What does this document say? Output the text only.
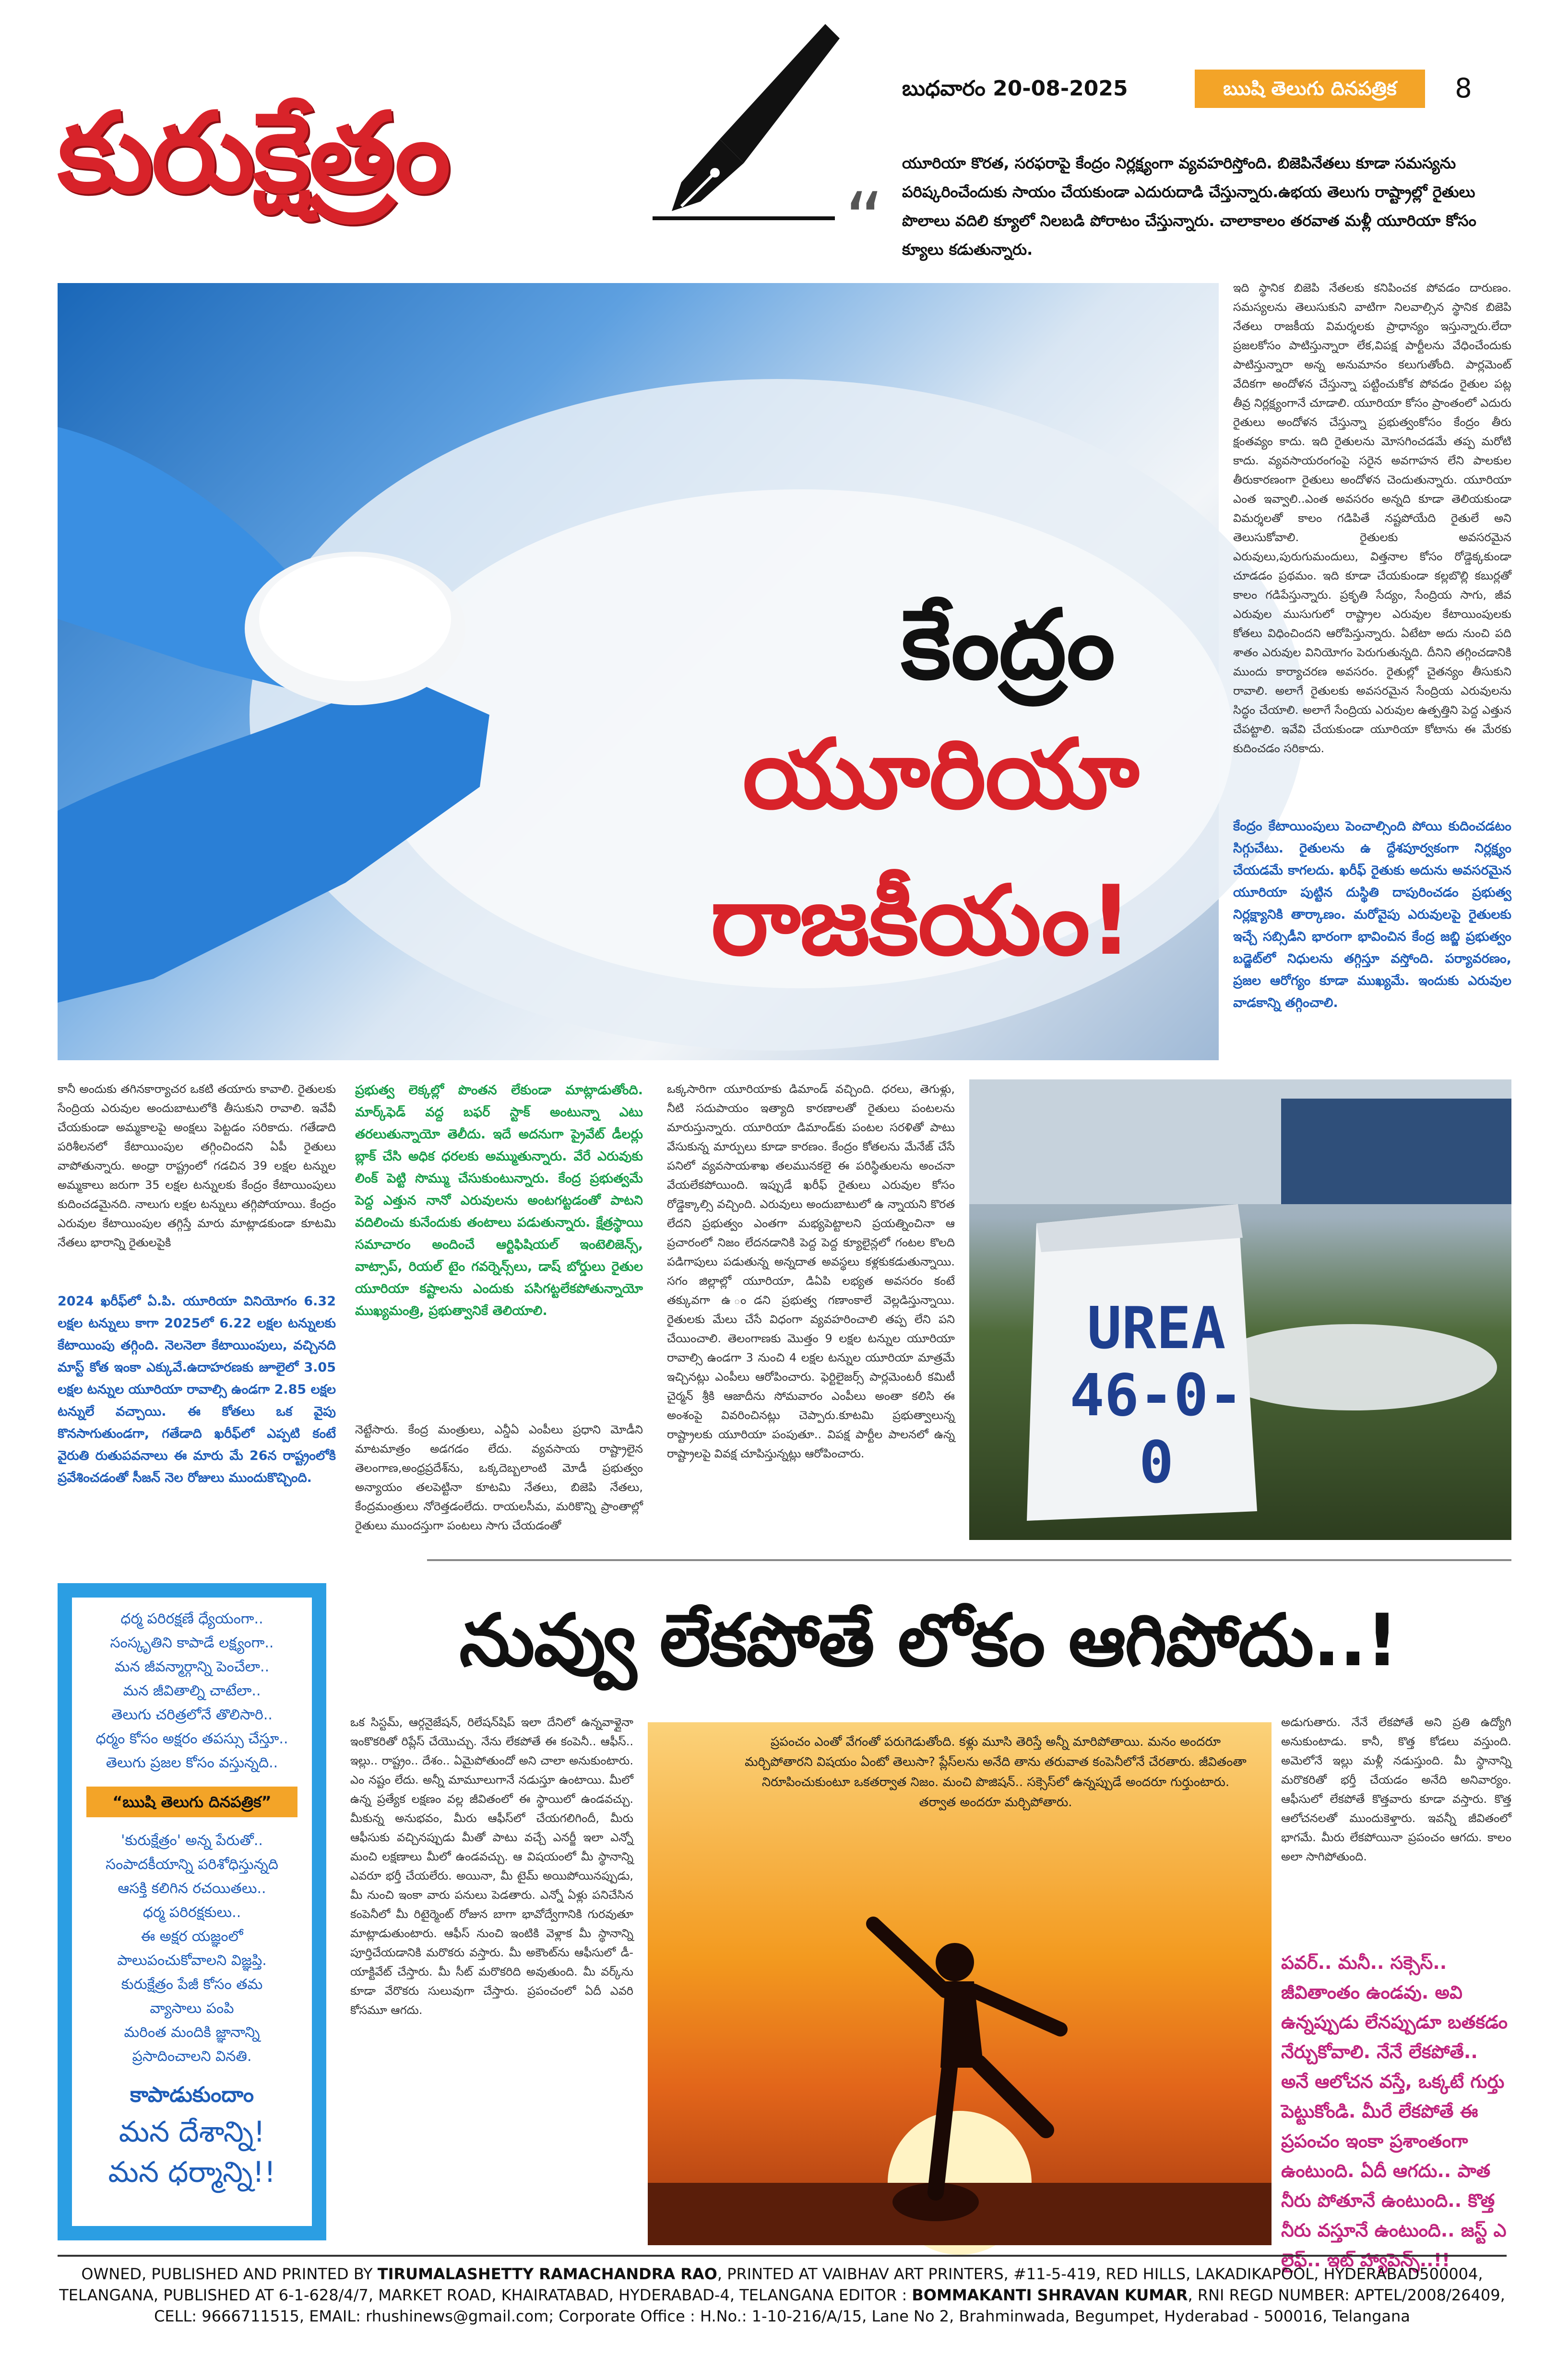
కురుక్షేత్రం
బుధవారం 20-08-2025	ఋషి తెలుగు దినపత్రిక	8
“
యూరియా కొరత, సరఫరాపై కేంద్రం నిర్లక్ష్యంగా వ్యవహరిస్తోంది. బిజెపినేతలు కూడా సమస్యను పరిష్కరించేందుకు సాయం చేయకుండా ఎదురుదాడి చేస్తున్నారు.ఉభయ తెలుగు రాష్ట్రాల్లో రైతులు పొలాలు వదిలి క్యూలో నిలబడి పోరాటం చేస్తున్నారు. చాలాకాలం తరవాత మళ్లీ యూరియా కోసం క్యూలు కడుతున్నారు.
కేంద్రం
యూరియా
రాజకీయం!
ఇది స్థానిక బిజెపి నేతలకు కనిపించక పోవడం దారుణం. సమస్యలను తెలుసుకుని వాటిగా నిలవాల్సిన స్థానిక బిజెపి నేతలు రాజకీయ విమర్శలకు ప్రాధాన్యం ఇస్తున్నారు.లేదా ప్రజలకోసం పాటిస్తున్నారా లేక,విపక్ష పార్టీలను వేధించేందుకు పాటిస్తున్నారా అన్న అనుమానం కలుగుతోంది. పార్లమెంట్ వేదికగా అందోళన చేస్తున్నా పట్టించుకోక పోవడం రైతుల పట్ల తీవ్ర నిర్లక్ష్యంగానే చూడాలి. యూరియా కోసం ప్రాంతంలో ఎదురు రైతులు అందోళన చేస్తున్నా ప్రభుత్వంకోసం కేంద్రం తీరు క్షంతవ్యం కాదు. ఇది రైతులను మోసగించడమే తప్ప మరోటి కాదు. వ్యవసాయరంగంపై సరైన అవగాహన లేని పాలకుల తీరుకారణంగా రైతులు అందోళన చెందుతున్నారు. యూరియా ఎంత ఇవ్వాలి..ఎంత అవసరం అన్నది కూడా తెలియకుండా విమర్శలతో కాలం గడిపితే నష్టపోయేది రైతులే అని తెలుసుకోవాలి. రైతులకు అవసరమైన ఎరువులు,పురుగుమందులు, విత్తనాల కోసం రోడ్డెక్కకుండా చూడడం ప్రథమం. ఇది కూడా చేయకుండా కల్లబొల్లి కబుర్లతో కాలం గడిపేస్తున్నారు. ప్రకృతి సేద్యం, సేంద్రియ సాగు, జీవ ఎరువుల ముసుగులో రాష్ట్రాల ఎరువుల కేటాయింపులకు కోతలు విధించిందని ఆరోపిస్తున్నారు. ఏటేటా అదు నుంచి పది శాతం ఎరువుల వినియోగం పెరుగుతున్నది. దీనిని తగ్గించడానికి ముందు కార్యాచరణ అవసరం. రైతుల్లో చైతన్యం తీసుకుని రావాలి. అలాగే రైతులకు అవసరమైన సేంద్రియ ఎరువులను సిద్ధం చేయాలి. అలాగే సేంద్రియ ఎరువుల ఉత్పత్తిని పెద్ద ఎత్తున చేపట్టాలి. ఇవేవి చేయకుండా యూరియా కోటాను ఈ మేరకు కుదించడం సరికాదు.
కేంద్రం కేటాయింపులు పెంచాల్సింది పోయి కుదించడటం సిగ్గుచేటు. రైతులను ఉ ద్దేశపూర్వకంగా నిర్లక్ష్యం చేయడమే కాగలదు. ఖరీఫ్ రైతుకు అదును అవసరమైన యూరియా పుట్టిన దుస్థితి దాపురించడం ప్రభుత్వ నిర్లక్ష్యానికి తార్కాణం. మరోవైపు ఎరువులపై రైతులకు ఇచ్చే సబ్సిడీని భారంగా భావించిన కేంద్ర జబ్జి ప్రభుత్వం బడ్జెట్‌లో నిధులను తగ్గిస్తూ వస్తోంది. పర్యావరణం, ప్రజల ఆరోగ్యం కూడా ముఖ్యమే. ఇందుకు ఎరువుల వాడకాన్ని తగ్గించాలి.
కానీ అందుకు తగినకార్యాచర ఒకటి తయారు కావాలి. రైతులకు సేంద్రియ ఎరువుల అందుబాటులోకి తీసుకుని రావాలి. ఇవేవీ చేయకుండా అమ్మకాలపై అంక్షలు పెట్టడం సరికాదు. గతేడాది పరిశీలనలో కేటాయింపుల తగ్గించిందని ఏపీ రైతులు వాపోతున్నారు. అంధ్రా రాష్ట్రంలో గడచిన 39 లక్షల టన్నుల అమ్మకాలు జరుగా 35 లక్షల టన్నులకు కేంద్రం కేటాయింపులు కుదించడమైనది. నాలుగు లక్షల టన్నులు తగ్గిపోయాయి. కేంద్రం ఎరువుల కేటాయింపుల తగ్గిస్తే మారు మాట్లాడకుండా కూటమి నేతలు భారాన్ని రైతులపైకి
2024 ఖరీఫ్‌లో ఏ.పి. యూరియా వినియోగం 6.32 లక్షల టన్నులు కాగా 2025లో 6.22 లక్షల టన్నులకు కేటాయింపు తగ్గింది. నెలనెలా కేటాయింపులు, వచ్చినది మాస్ట్ కోత ఇంకా ఎక్కువే.ఉదాహరణకు జూలైలో 3.05 లక్షల టన్నుల యూరియా రావాల్సి ఉండగా 2.85 లక్షల టన్నులే వచ్చాయి. ఈ కోతలు ఒక వైపు కొనసాగుతుండగా, గతేడాది ఖరీఫ్‌లో ఎప్పటి కంటే వైరుతి రుతుపవనాలు ఈ మారు మే 26న రాష్ట్రంలోకి ప్రవేశించడంతో సీజన్ నెల రోజులు ముందుకొచ్చింది.
ప్రభుత్వ లెక్కల్లో పొంతన లేకుండా మాట్లాడుతోంది. మార్క్‌ఫెడ్ వద్ద బఫర్ స్టాక్ అంటున్నా ఎటు తరలుతున్నాయో తెలీదు. ఇదే అదనుగా ప్రైవేట్ డీలర్లు బ్లాక్ చేసి అధిక ధరలకు అమ్ముతున్నారు. వేరే ఎరువుకు లింక్ పెట్టి సొమ్ము చేసుకుంటున్నారు. కేంద్ర ప్రభుత్వమే పెద్ద ఎత్తున నానో ఎరువులను అంటగట్టడంతో పాటని వదిలించు కునేందుకు తంటాలు పడుతున్నారు. క్షేత్రస్థాయి సమాచారం అందించే ఆర్టిఫిషియల్ ఇంటెలిజెన్స్, వాట్సాప్, రియల్ టైం గవర్నెన్స్‌లు, డాష్ బోర్డులు రైతుల యూరియా కష్టాలను ఎందుకు పసిగట్టలేకపోతున్నాయో ముఖ్యమంత్రి, ప్రభుత్వానికే తెలియాలి.
నెట్టేసారు. కేంద్ర మంత్రులు, ఎన్డీఏ ఎంపీలు ప్రధాని మోడీని మాటమాత్రం అడగడం లేదు. వ్యవసాయ రాష్ట్రాలైన తెలంగాణ,అంధ్రప్రదేశ్‌ను, ఒక్కదెబ్బలాంటి మోడీ ప్రభుత్వం అన్యాయం తలపెట్టినా కూటమి నేతలు, బిజెపి నేతలు, కేంద్రమంత్రులు నోరెత్తడంలేదు. రాయలసీమ, మరికొన్ని ప్రాంతాల్లో రైతులు ముందస్తుగా పంటలు సాగు చేయడంతో
ఒక్కసారిగా యూరియాకు డిమాండ్ వచ్చింది. ధరలు, తెగుళ్లు, నీటి సదుపాయం ఇత్యాది కారణాలతో రైతులు పంటలను మారుస్తున్నారు. యూరియా డిమాండ్‌కు పంటల సరళితో పాటు వేసుకున్న మార్పులు కూడా కారణం. కేంద్రం కోతలను మేనేజ్ చేసే పనిలో వ్యవసాయశాఖ తలమునకలై ఈ పరిస్థితులను అంచనా వేయలేకపోయింది. ఇప్పుడే ఖరీఫ్ రైతులు ఎరువుల కోసం రోడ్డెక్కాల్సి వచ్చింది. ఎరువులు అందుబాటులో ఉ న్నాయని కొరత లేదని ప్రభుత్వం ఎంతగా మభ్యపెట్టాలని ప్రయత్నించినా ఆ ప్రచారంలో నిజం లేదనడానికి పెద్ద పెద్ద క్యూలైన్లలో గంటల కొలది పడిగాపులు పడుతున్న అన్నదాత అవస్థలు కళ్లకుకడుతున్నాయి. సగం జిల్లాల్లో యూరియా, డిఏపి లభ్యత అవసరం కంటే తక్కువగా ఉ ండని ప్రభుత్వ గణాంకాలే వెల్లడిస్తున్నాయి. రైతులకు మేలు చేసే విధంగా వ్యవహరించాలి తప్ప లేని పని చేయించాలి. తెలంగాణకు మొత్తం 9 లక్షల టన్నుల యూరియా రావాల్సి ఉండగా 3 నుంచి 4 లక్షల టన్నుల యూరియా మాత్రమే ఇచ్చినట్లు ఎంపీలు ఆరోపించారు. ఫెర్టిలైజర్స్ పార్లమెంటరీ కమిటీ చైర్మన్ శ్రీకి ఆజాదీను సోమవారం ఎంపీలు అంతా కలిసి ఈ అంశంపై వివరించినట్లు చెప్పారు.కూటమి ప్రభుత్వాలున్న రాష్ట్రాలకు యూరియా పంపుతూ.. విపక్ష పార్టీల పాలనలో ఉన్న రాష్ట్రాలపై వివక్ష చూపిస్తున్నట్లు ఆరోపించారు.
UREA
46-0-0
ధర్మ పరిరక్షణే ధ్యేయంగా..
సంస్కృతిని కాపాడే లక్ష్యంగా..
మన జీవన్మార్గాన్ని పెంచేలా..
మన జీవితాల్ని చాటేలా..
తెలుగు చరిత్రలోనే తొలిసారి..
ధర్మం కోసం అక్షరం తపస్సు చేస్తూ..
తెలుగు ప్రజల కోసం వస్తున్నది..
“ఋషి తెలుగు దినపత్రిక”
'కురుక్షేత్రం' అన్న పేరుతో..
సంపాదకీయాన్ని పరిశోధిస్తున్నది
ఆసక్తి కలిగిన రచయితలు..
ధర్మ పరిరక్షకులు..
ఈ అక్షర యజ్ఞంలో
పాలుపంచుకోవాలని విజ్ఞప్తి.
కురుక్షేత్రం పేజీ కోసం తమ
వ్యాసాలు పంపి
మరింత మందికి జ్ఞానాన్ని
ప్రసాదించాలని వినతి.
కాపాడుకుందాం
మన దేశాన్ని!
మన ధర్మాన్ని!!
నువ్వు లేకపోతే లోకం ఆగిపోదు..!
ఒక సిస్టమ్, ఆర్గనైజేషన్, రిలేషన్‌షిప్ ఇలా దేనిలో ఉన్నవాళ్లైనా ఇంకొకరితో రిప్లేస్ చేయొచ్చు. నేను లేకపోతే ఈ కంపెనీ.. ఆఫీస్.. ఇల్లు.. రాష్ట్రం.. దేశం.. ఏమైపోతుందో అని చాలా అనుకుంటారు. ఎం నష్టం లేదు. అన్నీ మామూలుగానే నడుస్తూ ఉంటాయి. మీలో ఉన్న ప్రత్యేక లక్షణం వల్ల జీవితంలో ఈ స్థాయిలో ఉండవచ్చు. మీకున్న అనుభవం, మీరు ఆఫీస్‌లో చేయగలిగిందీ, మీరు ఆఫీసుకు వచ్చినప్పుడు మీతో పాటు వచ్చే ఎనర్జీ ఇలా ఎన్నో మంచి లక్షణాలు మీలో ఉండవచ్చు. ఆ విషయంలో మీ స్థానాన్ని ఎవరూ భర్తీ చేయలేరు. అయినా, మీ టైమ్ అయిపోయినప్పుడు, మీ నుంచి ఇంకా వారు పనులు పెడతారు. ఎన్నో ఏళ్లు పనిచేసిన కంపెనీలో మీ రిటైర్మెంట్ రోజున బాగా భావోద్వేగానికి గురవుతూ మాట్లాడుతుంటారు. ఆఫీస్ నుంచి ఇంటికి వెళ్లాక మీ స్థానాన్ని పూర్తిచేయడానికి మరొకరు వస్తారు. మీ అకౌంట్‌ను ఆఫీసులో డీ-యాక్టివేట్ చేస్తారు. మీ సీట్ మరొకరిది అవుతుంది. మీ వర్క్‌ను కూడా వేరొకరు సులువుగా చేస్తారు. ప్రపంచంలో ఏదీ ఎవరి కోసమూ ఆగదు.
ప్రపంచం ఎంతో వేగంతో పరుగెడుతోంది. కళ్లు మూసి తెరిస్తే అన్నీ మారిపోతాయి. మనం అందరూ మర్చిపోతారని విషయం ఏంటో తెలుసా? ప్లేస్‌లను అనేది తాను తరువాత కంపెనీలోనే చేరతారు. జీవితంతా నిరూపించుకుంటూ ఒకతర్వాత నిజం. మంచి పొజిషన్.. సక్సెస్‌లో ఉన్నప్పుడే అందరూ గుర్తుంటారు. తర్వాత అందరూ మర్చిపోతారు.
అడుగుతారు. నేనే లేకపోతే అని ప్రతి ఉద్యోగి అనుకుంటాడు. కానీ, కొత్త కోడలు వస్తుంది. అమెలోనే ఇల్లు మళ్లీ నడుస్తుంది. మీ స్థానాన్ని మరొకరితో భర్తీ చేయడం అనేది అనివార్యం. ఆఫీసులో లేకపోతే కొత్తవారు కూడా వస్తారు. కొత్త ఆలోచనలతో ముందుకెళ్తారు. ఇవన్నీ జీవితంలో భాగమే. మీరు లేకపోయినా ప్రపంచం ఆగదు. కాలం అలా సాగిపోతుంది.
పవర్.. మనీ.. సక్సెస్.. జీవితాంతం ఉండవు. అవి ఉన్నప్పుడు లేనప్పుడూ బతకడం నేర్చుకోవాలి. నేనే లేకపోతే.. అనే ఆలోచన వస్తే, ఒక్కటే గుర్తు పెట్టుకోండి. మీరే లేకపోతే ఈ ప్రపంచం ఇంకా ప్రశాంతంగా ఉంటుంది. ఏదీ ఆగదు.. పాత నీరు పోతూనే ఉంటుంది.. కొత్త నీరు వస్తూనే ఉంటుంది.. జస్ట్ ఎ లైఫ్.. ఇట్ హ్యాపెన్స్..!!
OWNED, PUBLISHED AND PRINTED BY TIRUMALASHETTY RAMACHANDRA RAO, PRINTED AT VAIBHAV ART PRINTERS, #11-5-419, RED HILLS, LAKADIKAPOOL, HYDERABAD500004,
TELANGANA, PUBLISHED AT 6-1-628/4/7, MARKET ROAD, KHAIRATABAD, HYDERABAD-4, TELANGANA EDITOR : BOMMAKANTI SHRAVAN KUMAR, RNI REGD NUMBER: APTEL/2008/26409,
CELL: 9666711515, EMAIL: rhushinews@gmail.com; Corporate Office : H.No.: 1-10-216/A/15, Lane No 2, Brahminwada, Begumpet, Hyderabad - 500016, Telangana
